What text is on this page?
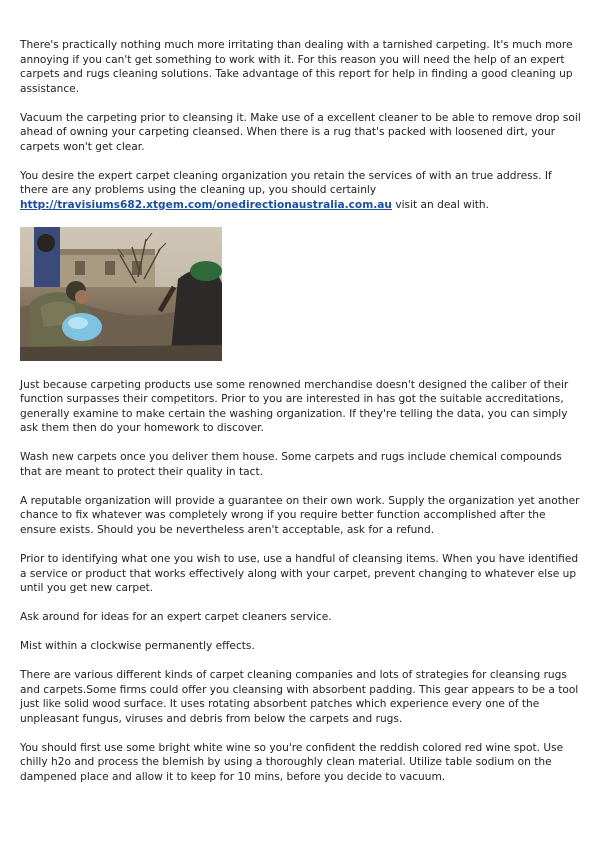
There's practically nothing much more irritating than dealing with a tarnished carpeting. It's much more annoying if you can't get something to work with it. For this reason you will need the help of an expert carpets and rugs cleaning solutions. Take advantage of this report for help in finding a good cleaning up assistance.

Vacuum the carpeting prior to cleansing it. Make use of a excellent cleaner to be able to remove drop soil ahead of owning your carpeting cleansed. When there is a rug that's packed with loosened dirt, your carpets won't get clear.

You desire the expert carpet cleaning organization you retain the services of with an true address. If there are any problems using the cleaning up, you should certainly http://travisiums682.xtgem.com/onedirectionaustralia.com.au visit an deal with.

Just because carpeting products use some renowned merchandise doesn't designed the caliber of their function surpasses their competitors. Prior to you are interested in has got the suitable accreditations, generally examine to make certain the washing organization. If they're telling the data, you can simply ask them then do your homework to discover.

Wash new carpets once you deliver them house. Some carpets and rugs include chemical compounds that are meant to protect their quality in tact.

A reputable organization will provide a guarantee on their own work. Supply the organization yet another chance to fix whatever was completely wrong if you require better function accomplished after the ensure exists. Should you be nevertheless aren't acceptable, ask for a refund.

Prior to identifying what one you wish to use, use a handful of cleansing items. When you have identified a service or product that works effectively along with your carpet, prevent changing to whatever else up until you get new carpet.

Ask around for ideas for an expert carpet cleaners service.

Mist within a clockwise permanently effects.

There are various different kinds of carpet cleaning companies and lots of strategies for cleansing rugs and carpets.Some firms could offer you cleansing with absorbent padding. This gear appears to be a tool just like solid wood surface. It uses rotating absorbent patches which experience every one of the unpleasant fungus, viruses and debris from below the carpets and rugs.

You should first use some bright white wine so you're confident the reddish colored red wine spot. Use chilly h2o and process the blemish by using a thoroughly clean material. Utilize table sodium on the dampened place and allow it to keep for 10 mins, before you decide to vacuum.
